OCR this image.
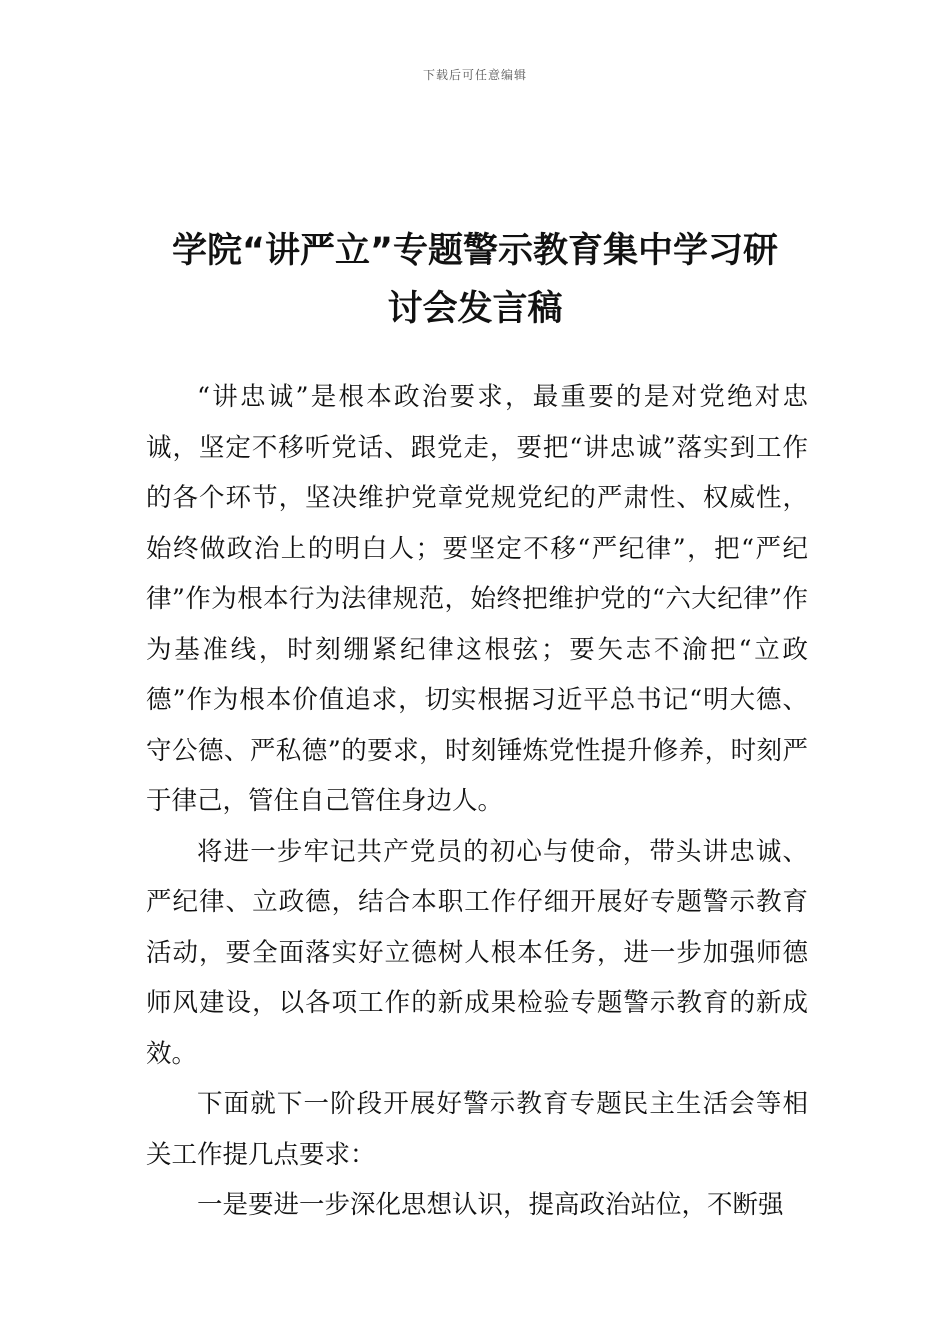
下载后可任意编辑
学院“讲严立”专题警示教育集中学习研
讨会发言稿

“讲忠诚”是根本政治要求，最重要的是对党绝对忠诚，坚定不移听党话、跟党走，要把“讲忠诚”落实到工作的各个环节，坚决维护党章党规党纪的严肃性、权威性，始终做政治上的明白人；要坚定不移“严纪律”，把“严纪律”作为根本行为法律规范，始终把维护党的“六大纪律”作为基准线，时刻绷紧纪律这根弦；要矢志不渝把“立政德”作为根本价值追求，切实根据习近平总书记“明大德、守公德、严私德”的要求，时刻锤炼党性提升修养，时刻严于律己，管住自己管住身边人。

将进一步牢记共产党员的初心与使命，带头讲忠诚、严纪律、立政德，结合本职工作仔细开展好专题警示教育活动，要全面落实好立德树人根本任务，进一步加强师德师风建设，以各项工作的新成果检验专题警示教育的新成效。

下面就下一阶段开展好警示教育专题民主生活会等相关工作提几点要求：

一是要进一步深化思想认识，提高政治站位，不断强
